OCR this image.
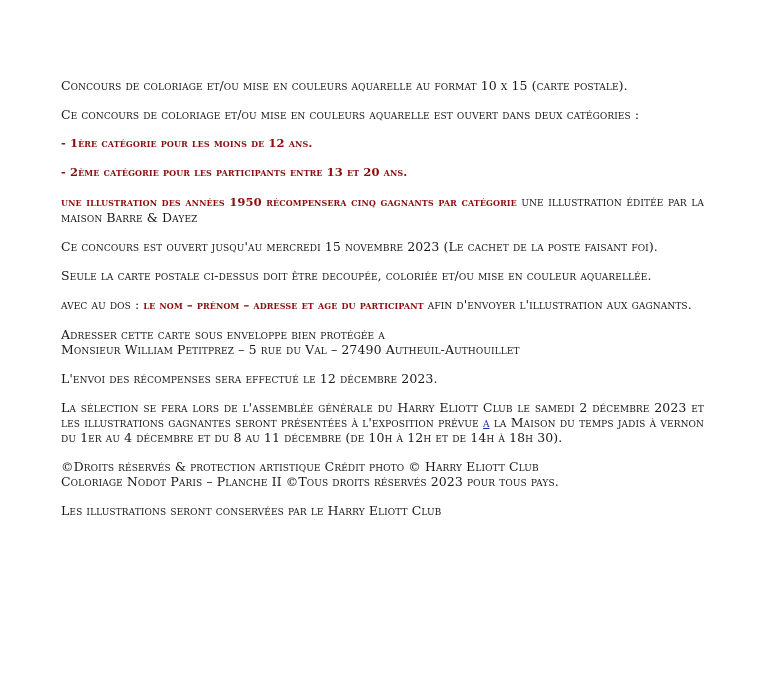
Concours de coloriage et/ou mise en couleurs aquarelle au format 10 x 15 (carte postale).

Ce concours de coloriage et/ou mise en couleurs aquarelle est ouvert dans deux catégories :

- 1ère catégorie pour les moins de 12 ans.

- 2ème catégorie pour les participants entre 13 et 20 ans.

une illustration des années 1950 récompensera cinq gagnants par catégorie une illustration éditée par la maison Barre & Dayez

Ce concours est ouvert jusqu'au mercredi 15 novembre 2023 (Le cachet de la poste faisant foi).

Seule la carte postale ci-dessus doit être decoupée, coloriée et/ou mise en couleur aquarellée.

avec au dos : le nom – prénom – adresse et age du participant afin d'envoyer l'illustration aux gagnants.

Adresser cette carte sous enveloppe bien protégée a
Monsieur William Petitprez – 5 rue du Val – 27490 Autheuil-Authouillet

L'envoi des récompenses sera effectué le 12 décembre 2023.

La sélection se fera lors de l'assemblée générale du Harry Eliott Club le samedi 2 décembre 2023 et les illustrations gagnantes seront présentées à l'exposition prévue a la Maison du temps jadis à vernon du 1er au 4 décembre et du 8 au 11 décembre (de 10h à 12h et de 14h à 18h 30).

©Droits réservés & protection artistique Crédit photo © Harry Eliott Club
Coloriage Nodot Paris – Planche II ©Tous droits réservés 2023 pour tous pays.

Les illustrations seront conservées par le Harry Eliott Club
